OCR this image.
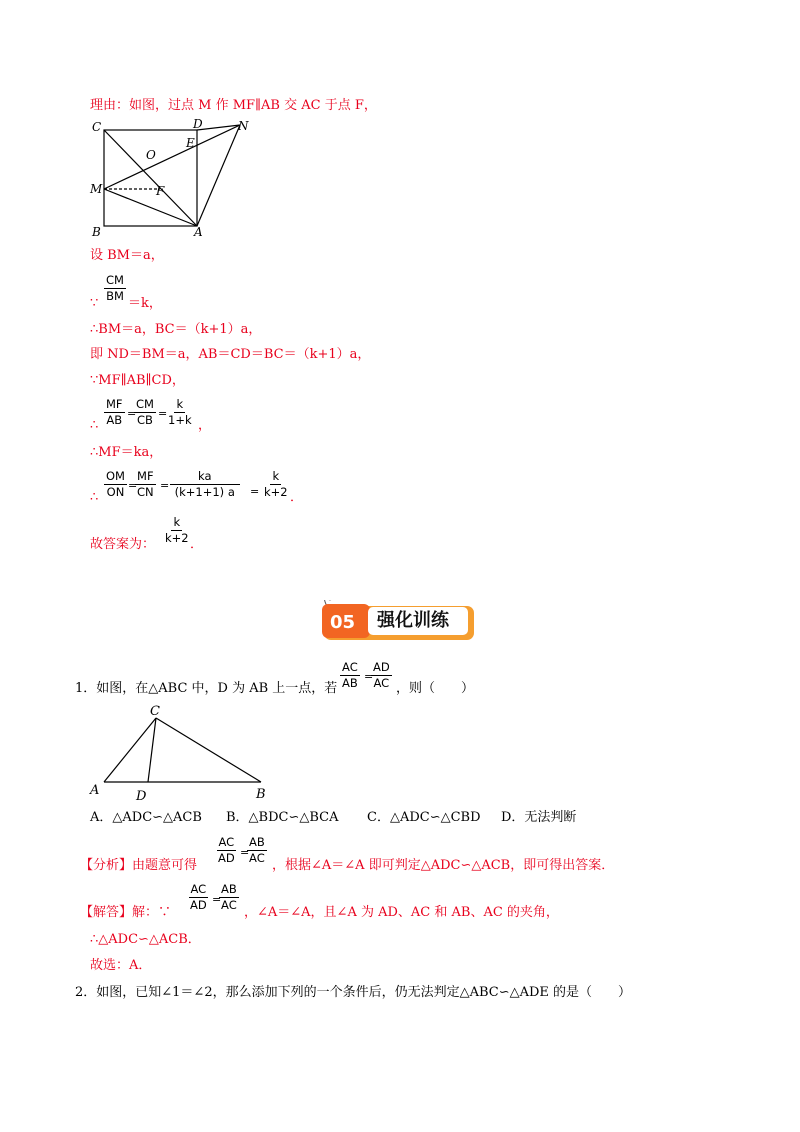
理由：如图，过点 M 作 MF∥AB 交 AC 于点 F，
C	D	N
E
O
M	F
B	A
设 BM＝a，
∵
$\frac{CM}{BM}$
＝k，
∴BM＝a，BC＝（k+1）a，
即 ND＝BM＝a，AB＝CD＝BC＝（k+1）a，
∵MF∥AB∥CD，
∴ $\frac{MF}{AB}$ =
$\frac{CM}{CB}$ =
$\frac{k}{1+k}$ ，
∴MF＝ka，
∴ $\frac{OM}{ON}$ =
$\frac{MF}{CN} = \frac{ka}{(k+1+1) a} = \frac{k}{k+2}$ ．
故答案为： $\frac{k}{k+2}$ ．
05 强化训练
1．如图，在△ABC 中，D 为 AB 上一点，若 $\frac{AC}{AB}$ =
$\frac{AD}{AC}$ ，则（　　）
C
A	D	B
A．△ADC∽△ACB B．△BDC∽△BCA C．△ADC∽△CBD D．无法判断
【分析】由题意可得
$\frac{AC}{AD}$ =
$\frac{AB}{AC}$
，根据∠A＝∠A 即可判定△ADC∽△ACB，即可得出答案．
【解答】解：∵
$\frac{AC}{AD}$ =
$\frac{AB}{AC}$
，∠A＝∠A，且∠A 为 AD、AC 和 AB、AC 的夹角，
∴△ADC∽△ACB．
故选：A．
2．如图，已知∠1＝∠2，那么添加下列的一个条件后，仍无法判定△ABC∽△ADE 的是（　　）
